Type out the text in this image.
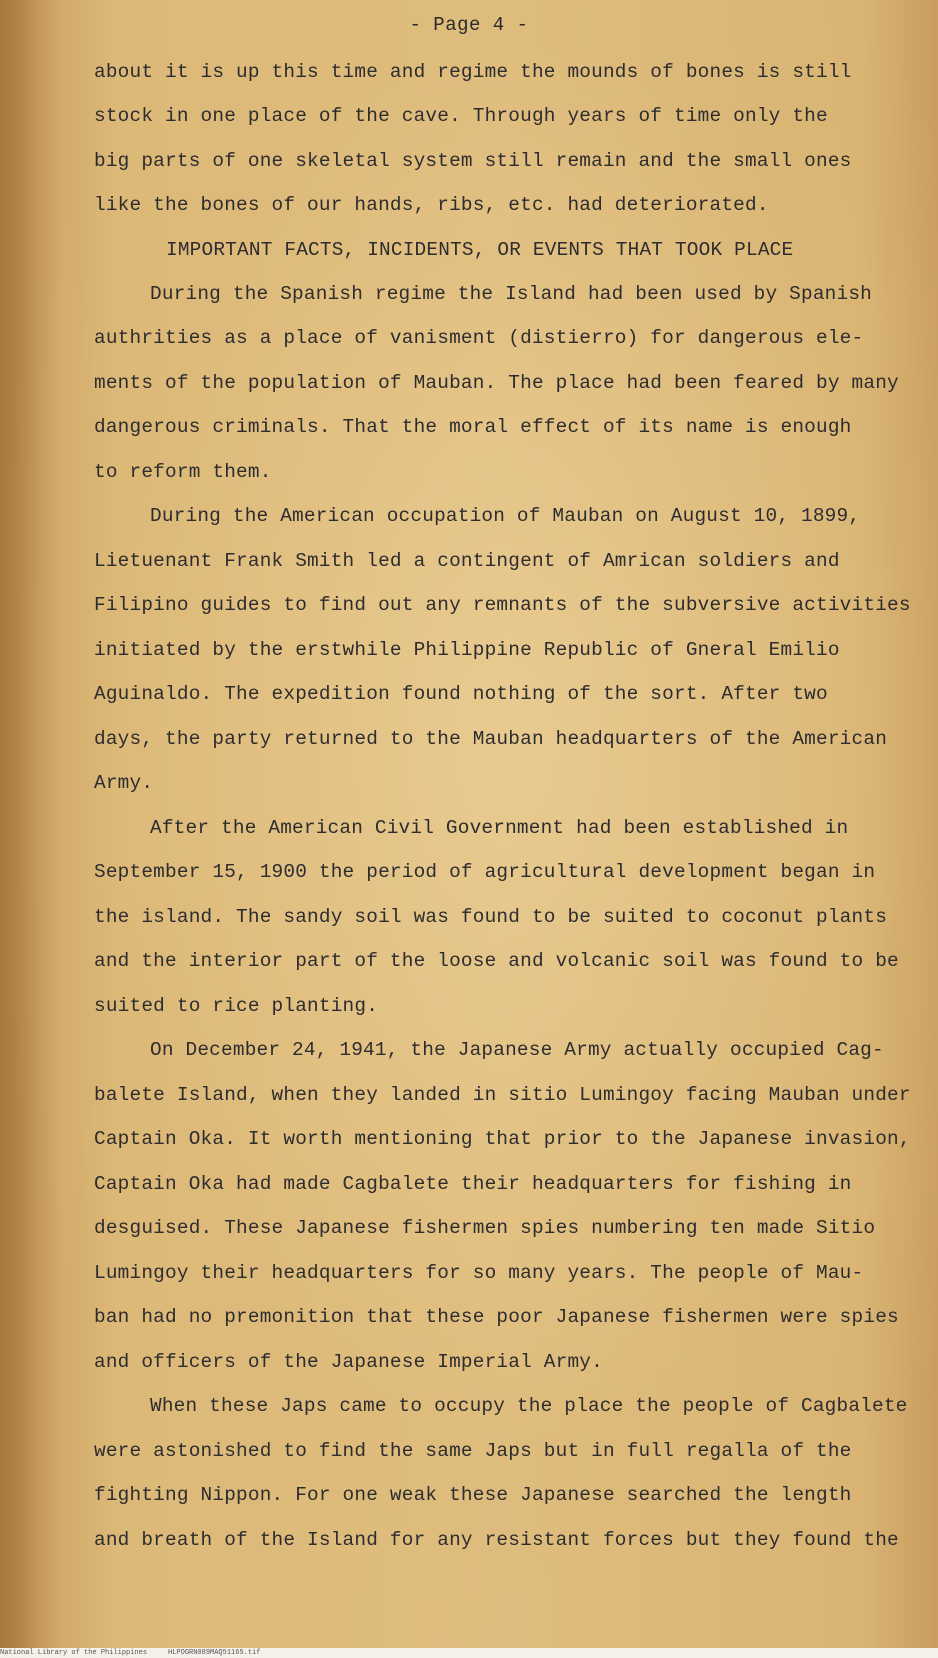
- Page 4 -
about it is up this time and regime the mounds of bones is still
stock in one place of the cave. Through years of time only the
big parts of one skeletal system still remain and the small ones
like the bones of our hands, ribs, etc. had deteriorated.
IMPORTANT FACTS, INCIDENTS, OR EVENTS THAT TOOK PLACE
During the Spanish regime the Island had been used by Spanish
authrities as a place of vanisment (distierro) for dangerous ele-
ments of the population of Mauban. The place had been feared by many
dangerous criminals. That the moral effect of its name is enough
to reform them.
During the American occupation of Mauban on August 10, 1899,
Lietuenant Frank Smith led a contingent of Amrican soldiers and
Filipino guides to find out any remnants of the subversive activities
initiated by the erstwhile Philippine Republic of Gneral Emilio
Aguinaldo. The expedition found nothing of the sort. After two
days, the party returned to the Mauban headquarters of the American
Army.
After the American Civil Government had been established in
September 15, 1900 the period of agricultural development began in
the island. The sandy soil was found to be suited to coconut plants
and the interior part of the loose and volcanic soil was found to be
suited to rice planting.
On December 24, 1941, the Japanese Army actually occupied Cag-
balete Island, when they landed in sitio Lumingoy facing Mauban under
Captain Oka. It worth mentioning that prior to the Japanese invasion,
Captain Oka had made Cagbalete their headquarters for fishing in
desguised. These Japanese fishermen spies numbering ten made Sitio
Lumingoy their headquarters for so many years. The people of Mau-
ban had no premonition that these poor Japanese fishermen were spies
and officers of the Japanese Imperial Army.
When these Japs came to occupy the place the people of Cagbalete
were astonished to find the same Japs but in full regalla of the
fighting Nippon. For one weak these Japanese searched the length
and breath of the Island for any resistant forces but they found the
National Library of the Philippines     HLPOGRN089MAQ51165.tif
